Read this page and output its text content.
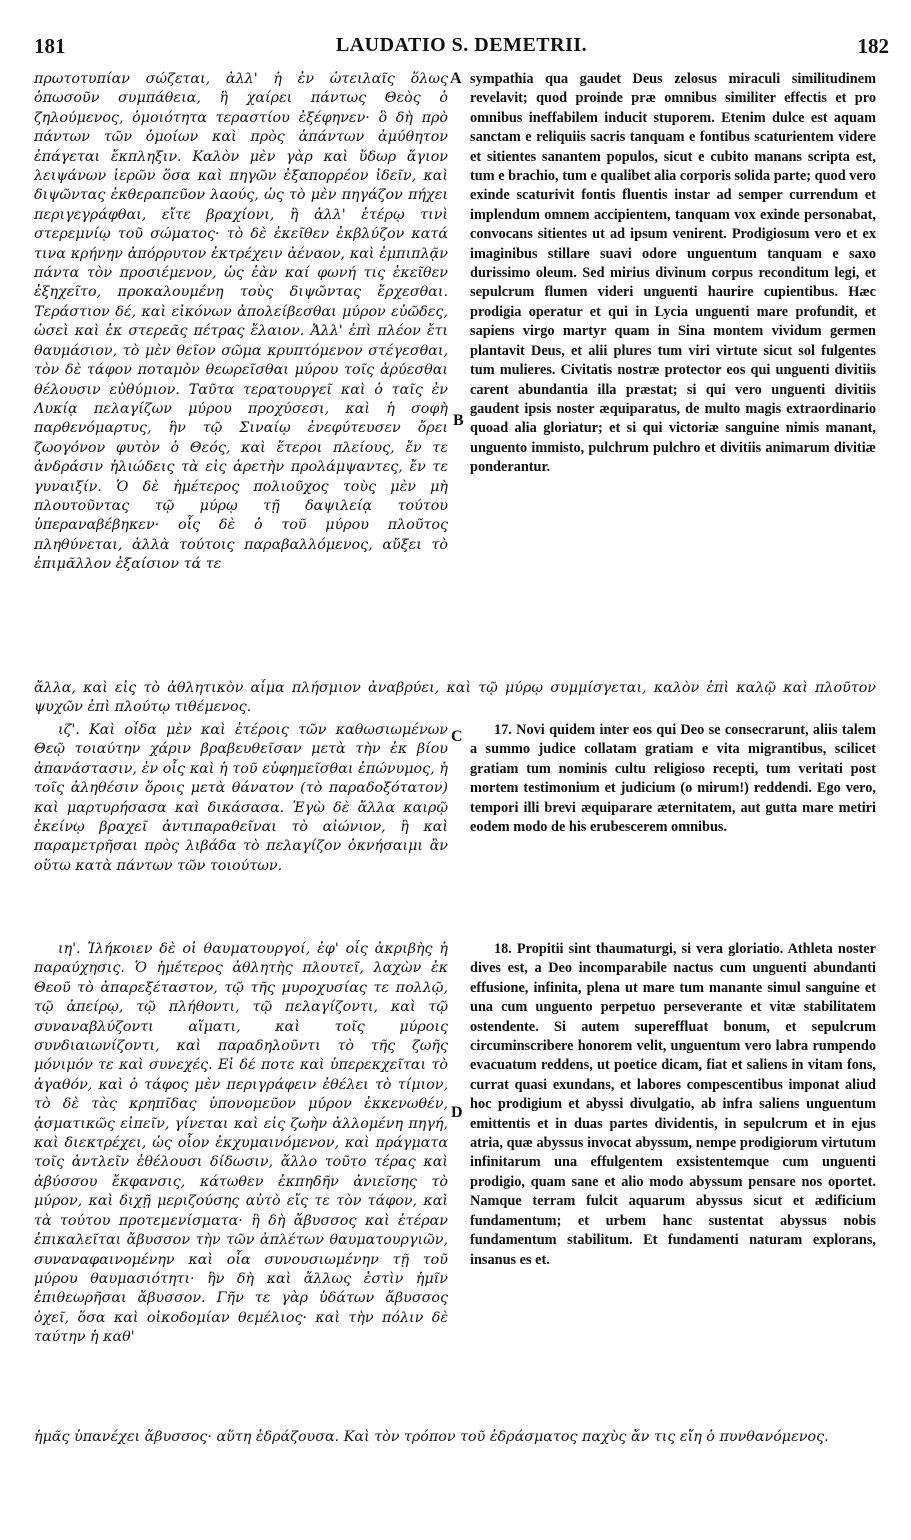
181	LAUDATIO S. DEMETRII.	182
A
B
C
D

πρωτοτυπίαν σώζεται, ἀλλ' ἡ ἐν ὡτειλαῖς ὅλως ὁπωσοῦν συμπάθεια, ἣ χαίρει πάντως Θεὸς ὁ ζηλούμενος, ὁμοιότητα τεραστίου ἐξέφηνεν· ὃ δὴ πρὸ πάντων τῶν ὁμοίων καὶ πρὸς ἁπάντων ἀμύθητον ἐπάγεται ἔκπληξιν. Καλὸν μὲν γὰρ καὶ ὕδωρ ἅγιον λειψάνων ἱερῶν ὅσα καὶ πηγῶν ἐξαπορρέον ἰδεῖν, καὶ διψῶντας ἐκθεραπεῦον λαούς, ὡς τὸ μὲν πηγάζον πήχει περιγεγράφθαι, εἴτε βραχίονι, ἢ ἀλλ' ἑτέρῳ τινὶ στερεμνίῳ τοῦ σώματος· τὸ δὲ ἐκεῖθεν ἐκβλύζον κατά τινα κρήνην ἀπόρρυτον ἐκτρέχειν ἀέναον, καὶ ἐμπιπλᾷν πάντα τὸν προσιέμενον, ὡς ἐὰν καί φωνή τις ἐκεῖθεν ἐξηχεῖτο, προκαλουμένη τοὺς διψῶντας ἔρχεσθαι. Τεράστιον δέ, καὶ εἰκόνων ἀπολείβεσθαι μύρον εὐῶδες, ὡσεὶ καὶ ἐκ στερεᾶς πέτρας ἔλαιον. Ἀλλ' ἐπὶ πλέον ἔτι θαυμάσιον, τὸ μὲν θεῖον σῶμα κρυπτόμενον στέγεσθαι, τὸν δὲ τάφον ποταμὸν θεωρεῖσθαι μύρου τοῖς ἀρύεσθαι θέλουσιν εὐθύμιον. Ταῦτα τερατουργεῖ καὶ ὁ ταῖς ἐν Λυκίᾳ πελαγίζων μύρου προχύσεσι, καὶ ἡ σοφὴ παρθενόμαρτυς, ἣν τῷ Σιναίῳ ἐνεφύτευσεν ὄρει ζωογόνον φυτὸν ὁ Θεός, καὶ ἕτεροι πλείους, ἔν τε ἀνδράσιν ἡλιώδεις τὰ εἰς ἀρετὴν προλάμψαντες, ἔν τε γυναιξίν. Ὁ δὲ ἡμέτερος πολιοῦχος τοὺς μὲν μὴ πλουτοῦντας τῷ μύρῳ τῇ δαψιλείᾳ τούτου ὑπεραναβέβηκεν· οἷς δὲ ὁ τοῦ μύρου πλοῦτος πληθύνεται, ἀλλὰ τούτοις παραβαλλόμενος, αὔξει τὸ ἐπιμᾶλλον ἐξαίσιον τά τε

sympathia qua gaudet Deus zelosus miraculi similitudinem revelavit; quod proinde præ omnibus similiter effectis et pro omnibus ineffabilem inducit stuporem. Etenim dulce est aquam sanctam e reliquiis sacris tanquam e fontibus scaturientem videre et sitientes sanantem populos, sicut e cubito manans scripta est, tum e brachio, tum e qualibet alia corporis solida parte; quod vero exinde scaturivit fontis fluentis instar ad semper currendum et implendum omnem accipientem, tanquam vox exinde personabat, convocans sitientes ut ad ipsum venirent. Prodigiosum vero et ex imaginibus stillare suavi odore unguentum tanquam e saxo durissimo oleum. Sed mirius divinum corpus reconditum legi, et sepulcrum flumen videri unguenti haurire cupientibus. Hæc prodigia operatur et qui in Lycia unguenti mare profundit, et sapiens virgo martyr quam in Sina montem vividum germen plantavit Deus, et alii plures tum viri virtute sicut sol fulgentes tum mulieres. Civitatis nostræ protector eos qui unguenti divitiis carent abundantia illa præstat; si qui vero unguenti divitiis gaudent ipsis noster æquiparatus, de multo magis extraordinario quoad alia gloriatur; et si qui victoriæ sanguine nimis manant, unguento immisto, pulchrum pulchro et divitiis animarum divitiæ ponderantur.

ἄλλα, καὶ εἰς τὸ ἀθλητικὸν αἷμα πλήσμιον ἀναβρύει, καὶ τῷ μύρῳ συμμίσγεται, καλὸν ἐπὶ καλῷ καὶ πλοῦτον ψυχῶν ἐπὶ πλούτῳ τιθέμενος.

ιζ'. Καὶ οἶδα μὲν καὶ ἑτέροις τῶν καθωσιωμένων Θεῷ τοιαύτην χάριν βραβευθεῖσαν μετὰ τὴν ἐκ βίου ἀπανάστασιν, ἐν οἷς καὶ ἡ τοῦ εὐφημεῖσθαι ἐπώνυμος, ἡ τοῖς ἀληθέσιν ὅροις μετὰ θάνατον (τὸ παραδοξότατον) καὶ μαρτυρήσασα καὶ δικάσασα. Ἐγὼ δὲ ἄλλα καιρῷ ἐκείνῳ βραχεῖ ἀντιπαραθεῖναι τὸ αἰώνιον, ἢ καὶ παραμετρῆσαι πρὸς λιβάδα τὸ πελαγίζον ὀκνήσαιμι ἂν οὕτω κατὰ πάντων τῶν τοιούτων.

17. Novi quidem inter eos qui Deo se consecrarunt, aliis talem a summo judice collatam gratiam e vita migrantibus, scilicet gratiam tum nominis cultu religioso recepti, tum veritati post mortem testimonium et judicium (o mirum!) reddendi. Ego vero, tempori illi brevi æquiparare æternitatem, aut gutta mare metiri eodem modo de his erubescerem omnibus.

ιη'. Ἱλήκοιεν δὲ οἱ θαυματουργοί, ἐφ' οἷς ἀκριβὴς ἡ παραύχησις. Ὁ ἡμέτερος ἀθλητὴς πλουτεῖ, λαχὼν ἐκ Θεοῦ τὸ ἀπαρεξέταστον, τῷ τῆς μυροχυσίας τε πολλῷ, τῷ ἀπείρῳ, τῷ πλήθοντι, τῷ πελαγίζοντι, καὶ τῷ συναναβλύζοντι αἵματι, καὶ τοῖς μύροις συνδιαιωνίζοντι, καὶ παραδηλοῦντι τὸ τῆς ζωῆς μόνιμόν τε καὶ συνεχές. Εἰ δέ ποτε καὶ ὑπερεκχεῖται τὸ ἀγαθόν, καὶ ὁ τάφος μὲν περιγράφειν ἐθέλει τὸ τίμιον, τὸ δὲ τὰς κρηπῖδας ὑπονομεῦον μύρον ἐκκενωθέν, ᾀσματικῶς εἰπεῖν, γίνεται καὶ εἰς ζωὴν ἀλλομένη πηγή, καὶ διεκτρέχει, ὡς οἷον ἐκχυμαινόμενον, καὶ πράγματα τοῖς ἀντλεῖν ἐθέλουσι δίδωσιν, ἄλλο τοῦτο τέρας καὶ ἀβύσσου ἔκφανσις, κάτωθεν ἐκπηδῆν ἀνιεῖσης τὸ μύρον, καὶ διχῇ μεριζούσης αὐτὸ εἴς τε τὸν τάφον, καὶ τὰ τούτου προτεμενίσματα· ἣ δὴ ἄβυσσος καὶ ἑτέραν ἐπικαλεῖται ἄβυσσον τὴν τῶν ἀπλέτων θαυματουργιῶν, συναναφαινομένην καὶ οἷα συνουσιωμένην τῇ τοῦ μύρου θαυμασιότητι· ἣν δὴ καὶ ἄλλως ἐστὶν ἡμῖν ἐπιθεωρῆσαι ἄβυσσον. Γῆν τε γὰρ ὑδάτων ἄβυσσος ὀχεῖ, ὅσα καὶ οἰκοδομίαν θεμέλιος· καὶ τὴν πόλιν δὲ ταύτην ἡ καθ'

18. Propitii sint thaumaturgi, si vera gloriatio. Athleta noster dives est, a Deo incomparabile nactus cum unguenti abundanti effusione, infinita, plena ut mare tum manante simul sanguine et una cum unguento perpetuo perseverante et vitæ stabilitatem ostendente. Si autem supereffluat bonum, et sepulcrum circuminscribere honorem velit, unguentum vero labra rumpendo evacuatum reddens, ut poetice dicam, fiat et saliens in vitam fons, currat quasi exundans, et labores compescentibus imponat aliud hoc prodigium et abyssi divulgatio, ab infra saliens unguentum emittentis et in duas partes dividentis, in sepulcrum et in ejus atria, quæ abyssus invocat abyssum, nempe prodigiorum virtutum infinitarum una effulgentem exsistentemque cum unguenti prodigio, quam sane et alio modo abyssum pensare nos oportet. Namque terram fulcit aquarum abyssus sicut et ædificium fundamentum; et urbem hanc sustentat abyssus nobis fundamentum stabilitum. Et fundamenti naturam explorans, insanus es et.

ἡμᾶς ὑπανέχει ἄβυσσος· αὕτη ἑδράζουσα. Καὶ τὸν τρόπον τοῦ ἑδράσματος παχὺς ἄν τις εἴη ὁ πυνθανόμενος.
